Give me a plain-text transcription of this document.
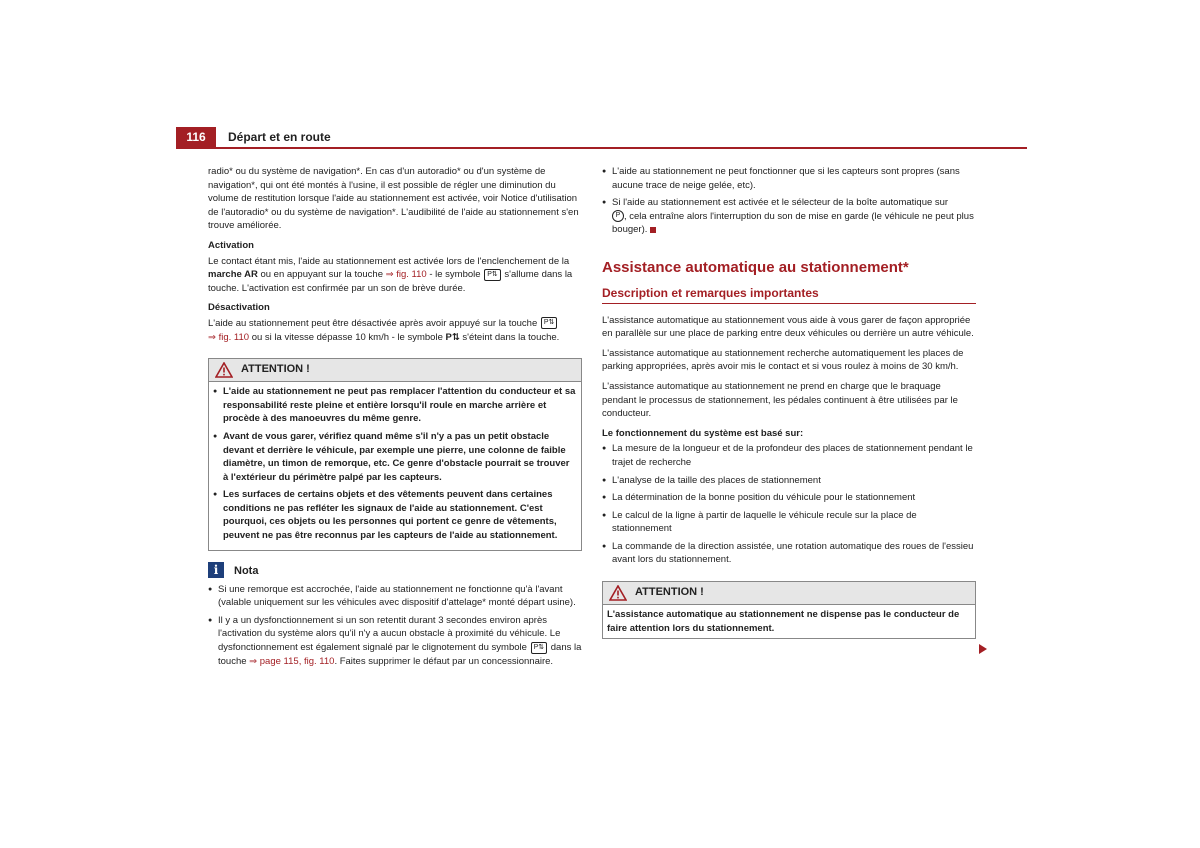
116	Départ et en route

radio* ou du système de navigation*. En cas d'un autoradio* ou d'un système de navigation*, qui ont été montés à l'usine, il est possible de régler une diminution du volume de restitution lorsque l'aide au stationnement est activée, voir Notice d'utilisation de l'autoradio* ou du système de navigation*. L'audibilité de l'aide au stationnement s'en trouve améliorée.

Activation

Le contact étant mis, l'aide au stationnement est activée lors de l'enclenchement de la marche AR ou en appuyant sur la touche ⇒ fig. 110 - le symbole P⇅ s'allume dans la touche. L'activation est confirmée par un son de brève durée.

Désactivation

L'aide au stationnement peut être désactivée après avoir appuyé sur la touche P⇅
⇒ fig. 110 ou si la vitesse dépasse 10 km/h - le symbole P⇅ s'éteint dans la touche.

ATTENTION !
● L'aide au stationnement ne peut pas remplacer l'attention du conducteur et sa responsabilité reste pleine et entière lorsqu'il roule en marche arrière et procède à des manoeuvres du même genre.
● Avant de vous garer, vérifiez quand même s'il n'y a pas un petit obstacle devant et derrière le véhicule, par exemple une pierre, une colonne de faible diamètre, un timon de remorque, etc. Ce genre d'obstacle pourrait se trouver à l'extérieur du périmètre palpé par les capteurs.
● Les surfaces de certains objets et des vêtements peuvent dans certaines conditions ne pas refléter les signaux de l'aide au stationnement. C'est pourquoi, ces objets ou les personnes qui portent ce genre de vêtements, peuvent ne pas être reconnus par les capteurs de l'aide au stationnement.
i	Nota
● Si une remorque est accrochée, l'aide au stationnement ne fonctionne qu'à l'avant (valable uniquement sur les véhicules avec dispositif d'attelage* monté départ usine).
● Il y a un dysfonctionnement si un son retentit durant 3 secondes environ après l'activation du système alors qu'il n'y a aucun obstacle à proximité du véhicule. Le dysfonctionnement est également signalé par le clignotement du symbole P⇅ dans la touche ⇒ page 115, fig. 110. Faites supprimer le défaut par un concessionnaire.
● L'aide au stationnement ne peut fonctionner que si les capteurs sont propres (sans aucune trace de neige gelée, etc).
● Si l'aide au stationnement est activée et le sélecteur de la boîte automatique sur
P , cela entraîne alors l'interruption du son de mise en garde (le véhicule ne peut plus bouger).
Assistance automatique au stationnement*
Description et remarques importantes

L'assistance automatique au stationnement vous aide à vous garer de façon appropriée en parallèle sur une place de parking entre deux véhicules ou derrière un autre véhicule.

L'assistance automatique au stationnement recherche automatiquement les places de parking appropriées, après avoir mis le contact et si vous roulez à moins de 30 km/h.

L'assistance automatique au stationnement ne prend en charge que le braquage pendant le processus de stationnement, les pédales continuent à être utilisées par le conducteur.

Le fonctionnement du système est basé sur:
● La mesure de la longueur et de la profondeur des places de stationnement pendant le trajet de recherche
● L'analyse de la taille des places de stationnement
● La détermination de la bonne position du véhicule pour le stationnement
● Le calcul de la ligne à partir de laquelle le véhicule recule sur la place de stationnement
● La commande de la direction assistée, une rotation automatique des roues de l'essieu avant lors du stationnement.
ATTENTION !
L'assistance automatique au stationnement ne dispense pas le conducteur de faire attention lors du stationnement.
